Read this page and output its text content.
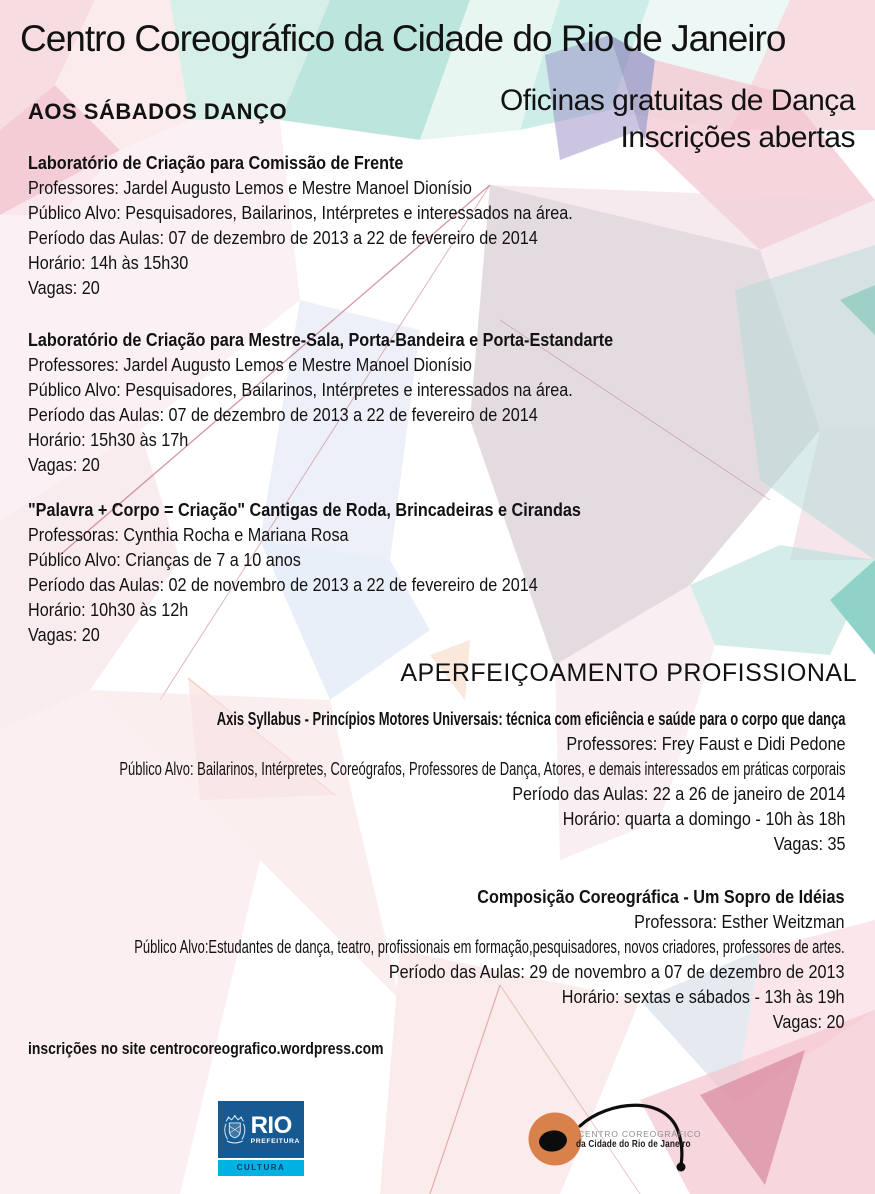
Centro Coreográfico da Cidade do Rio de Janeiro
Oficinas gratuitas de Dança
Inscrições abertas
AOS SÁBADOS DANÇO
Laboratório de Criação para Comissão de Frente
Professores: Jardel Augusto Lemos e Mestre Manoel Dionísio
Público Alvo: Pesquisadores, Bailarinos, Intérpretes e interessados na área.
Período das Aulas: 07 de dezembro de 2013 a 22 de fevereiro de 2014
Horário: 14h às 15h30
Vagas: 20
Laboratório de Criação para Mestre-Sala, Porta-Bandeira e Porta-Estandarte
Professores: Jardel Augusto Lemos e Mestre Manoel Dionísio
Público Alvo: Pesquisadores, Bailarinos, Intérpretes e interessados na área.
Período das Aulas: 07 de dezembro de 2013 a 22 de fevereiro de 2014
Horário: 15h30 às 17h
Vagas: 20
"Palavra + Corpo = Criação" Cantigas de Roda, Brincadeiras e Cirandas
Professoras: Cynthia Rocha e Mariana Rosa
Público Alvo: Crianças de 7 a 10 anos
Período das Aulas: 02 de novembro de 2013 a 22 de fevereiro de 2014
Horário: 10h30 às 12h
Vagas: 20
APERFEIÇOAMENTO PROFISSIONAL
Axis Syllabus - Princípios Motores Universais: técnica com eficiência e saúde para o corpo que dança
Professores: Frey Faust e Didi Pedone
Público Alvo: Bailarinos, Intérpretes, Coreógrafos, Professores de Dança, Atores, e demais interessados em práticas corporais
Período das Aulas: 22 a 26 de janeiro de 2014
Horário: quarta a domingo - 10h às 18h
Vagas: 35
Composição Coreográfica - Um Sopro de Idéias
Professora: Esther Weitzman
Público Alvo:Estudantes de dança, teatro, profissionais em formação,pesquisadores, novos criadores, professores de artes.
Período das Aulas: 29 de novembro a 07 de dezembro de 2013
Horário: sextas e sábados - 13h às 19h
Vagas: 20
inscrições no site centrocoreografico.wordpress.com
RIO
PREFEITURA
CULTURA
CENTRO COREOGRÁFICO
da Cidade do Rio de Janeiro
